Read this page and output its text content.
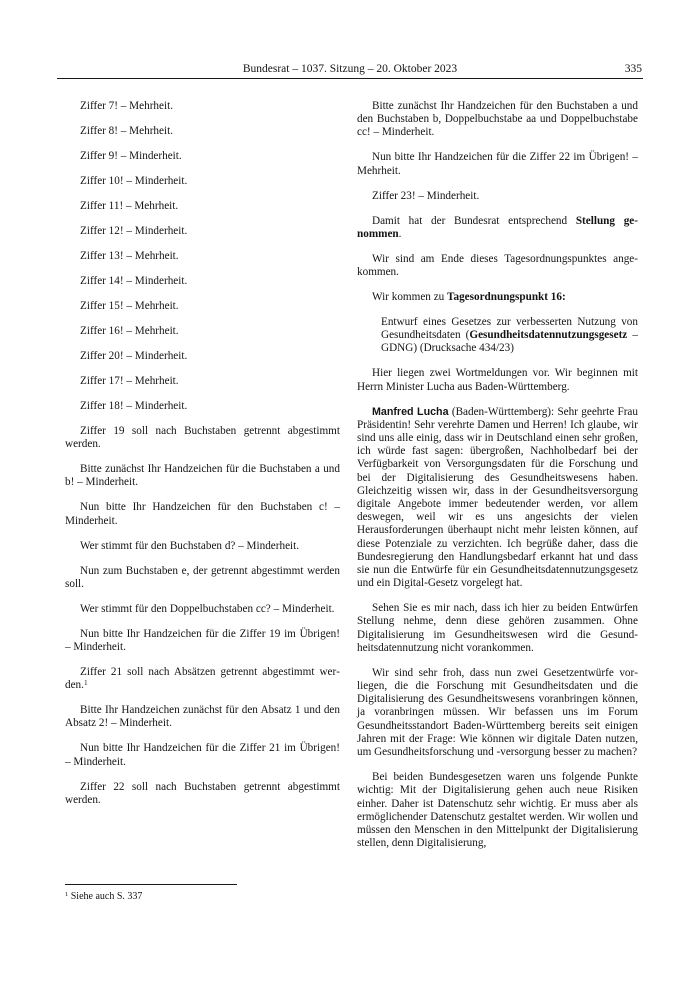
Bundesrat – 1037. Sitzung – 20. Oktober 2023	335

Ziffer 7! – Mehrheit.

Ziffer 8! – Mehrheit.

Ziffer 9! – Minderheit.

Ziffer 10! – Minderheit.

Ziffer 11! – Mehrheit.

Ziffer 12! – Minderheit.

Ziffer 13! – Mehrheit.

Ziffer 14! – Minderheit.

Ziffer 15! – Mehrheit.

Ziffer 16! – Mehrheit.

Ziffer 20! – Minderheit.

Ziffer 17! – Mehrheit.

Ziffer 18! – Minderheit.

Ziffer 19 soll nach Buchstaben getrennt abgestimmt werden.

Bitte zunächst Ihr Handzeichen für die Buchstaben a und b! – Minderheit.

Nun bitte Ihr Handzeichen für den Buchstaben c! – Minderheit.

Wer stimmt für den Buchstaben d? – Minderheit.

Nun zum Buchstaben e, der getrennt abgestimmt werden soll.

Wer stimmt für den Doppelbuchstaben cc? – Minderheit.

Nun bitte Ihr Handzeichen für die Ziffer 19 im Übrigen! – Minderheit.

Ziffer 21 soll nach Absätzen getrennt abgestimmt werden.$^1$

Bitte Ihr Handzeichen zunächst für den Absatz 1 und den Absatz 2! – Minderheit.

Nun bitte Ihr Handzeichen für die Ziffer 21 im Übrigen! – Minderheit.

Ziffer 22 soll nach Buchstaben getrennt abgestimmt werden.

Bitte zunächst Ihr Handzeichen für den Buchstaben a und den Buchstaben b, Doppelbuchstabe aa und Doppelbuchstabe cc! – Minderheit.

Nun bitte Ihr Handzeichen für die Ziffer 22 im Übrigen! – Mehrheit.

Ziffer 23! – Minderheit.

Damit hat der Bundesrat entsprechend Stellung genommen.

Wir sind am Ende dieses Tagesordnungspunktes angekommen.

Wir kommen zu Tagesordnungspunkt 16:

Entwurf eines Gesetzes zur verbesserten Nutzung von Gesundheitsdaten (Gesundheitsdatennutzungsgesetz – GDNG) (Drucksache 434/23)

Hier liegen zwei Wortmeldungen vor. Wir beginnen mit Herrn Minister Lucha aus Baden-Württemberg.

Manfred Lucha (Baden-Württemberg): Sehr geehrte Frau Präsidentin! Sehr verehrte Damen und Herren! Ich glaube, wir sind uns alle einig, dass wir in Deutschland einen sehr großen, ich würde fast sagen: übergroßen, Nachholbedarf bei der Verfügbarkeit von Versorgungsdaten für die Forschung und bei der Digitalisierung des Gesundheitswesens haben. Gleichzeitig wissen wir, dass in der Gesundheitsversorgung digitale Angebote immer bedeutender werden, vor allem deswegen, weil wir es uns angesichts der vielen Herausforderungen überhaupt nicht mehr leisten können, auf diese Potenziale zu verzichten. Ich begrüße daher, dass die Bundesregierung den Handlungsbedarf erkannt hat und dass sie nun die Entwürfe für ein Gesundheitsdatennutzungsgesetz und ein Digital-Gesetz vorgelegt hat.

Sehen Sie es mir nach, dass ich hier zu beiden Entwürfen Stellung nehme, denn diese gehören zusammen. Ohne Digitalisierung im Gesundheitswesen wird die Gesundheitsdatennutzung nicht vorankommen.

Wir sind sehr froh, dass nun zwei Gesetzentwürfe vorliegen, die die Forschung mit Gesundheitsdaten und die Digitalisierung des Gesundheitswesens voranbringen können, ja voranbringen müssen. Wir befassen uns im Forum Gesundheitsstandort Baden-Württemberg bereits seit einigen Jahren mit der Frage: Wie können wir digitale Daten nutzen, um Gesundheitsforschung und -versorgung besser zu machen?

Bei beiden Bundesgesetzen waren uns folgende Punkte wichtig: Mit der Digitalisierung gehen auch neue Risiken einher. Daher ist Datenschutz sehr wichtig. Er muss aber als ermöglichender Datenschutz gestaltet werden. Wir wollen und müssen den Menschen in den Mittelpunkt der Digitalisierung stellen, denn Digitalisierung,

$^1$ Siehe auch S. 337
